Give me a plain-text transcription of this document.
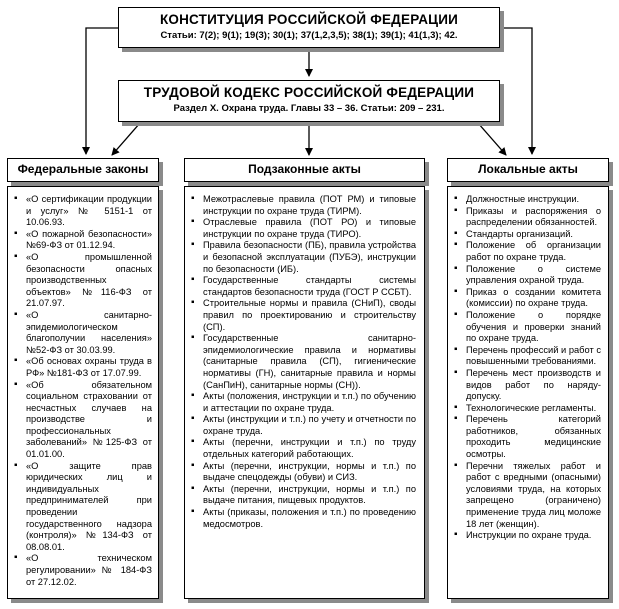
КОНСТИТУЦИЯ РОССИЙСКОЙ ФЕДЕРАЦИИ
Статьи: 7(2); 9(1); 19(3); 30(1); 37(1,2,3,5); 38(1); 39(1); 41(1,3); 42.
ТРУДОВОЙ КОДЕКС РОССИЙСКОЙ ФЕДЕРАЦИИ
Раздел X. Охрана труда. Главы 33 – 36. Статьи: 209 – 231.
Федеральные законы
▪ «О сертификации продукции и услуг» № 5151-1 от 10.06.93.
▪ «О пожарной безопасности» №69-ФЗ от 01.12.94.
▪ «О промышленной безопасности опасных производственных объектов» №116-ФЗ от 21.07.97.
▪ «О санитарно-эпидемиологическом благополучии населения» №52-ФЗ от 30.03.99.
▪ «Об основах охраны труда в РФ» №181-ФЗ от 17.07.99.
▪ «Об обязательном социальном страховании от несчастных случаев на производстве и профессиональных заболеваний» №125-ФЗ от 01.01.00.
▪ «О защите прав юридических лиц и индивидуальных предпринимателей при проведении государственного надзора (контроля)» №134-ФЗ от 08.08.01.
▪ «О техническом регулировании» № 184-ФЗ от 27.12.02.
Подзаконные акты
▪ Межотраслевые правила (ПОТ РМ) и типовые инструкции по охране труда (ТИРМ).
▪ Отраслевые правила (ПОТ РО) и типовые инструкции по охране труда (ТИРО).
▪ Правила безопасности (ПБ), правила устройства и безопасной эксплуатации (ПУБЭ), инструкции по безопасности (ИБ).
▪ Государственные стандарты системы стандартов безопасности труда (ГОСТ Р ССБТ).
▪ Строительные нормы и правила (СНиП), своды правил по проектированию и строительству (СП).
▪ Государственные санитарно-эпидемиологические правила и нормативы (санитарные правила (СП), гигиенические нормативы (ГН), санитарные правила и нормы (СанПиН), санитарные нормы (СН)).
▪ Акты (положения, инструкции и т.п.) по обучению и аттестации по охране труда.
▪ Акты (инструкции и т.п.) по учету и отчетности по охране труда.
▪ Акты (перечни, инструкции и т.п.) по труду отдельных категорий работающих.
▪ Акты (перечни, инструкции, нормы и т.п.) по выдаче спецодежды (обуви) и СИЗ.
▪ Акты (перечни, инструкции, нормы и т.п.) по выдаче питания, пищевых продуктов.
▪ Акты (приказы, положения и т.п.) по проведению медосмотров.
Локальные акты
▪ Должностные инструкции.
▪ Приказы и распоряжения о распределении обязанностей.
▪ Стандарты организаций.
▪ Положение об организации работ по охране труда.
▪ Положение о системе управления охраной труда.
▪ Приказ о создании комитета (комиссии) по охране труда.
▪ Положение о порядке обучения и проверки знаний по охране труда.
▪ Перечень профессий и работ с повышенными требованиями.
▪ Перечень мест производств и видов работ по наряду-допуску.
▪ Технологические регламенты.
▪ Перечень категорий работников, обязанных проходить медицинские осмотры.
▪ Перечни тяжелых работ и работ с вредными (опасными) условиями труда, на которых запрещено (ограничено) применение труда лиц моложе 18 лет (женщин).
▪ Инструкции по охране труда.
